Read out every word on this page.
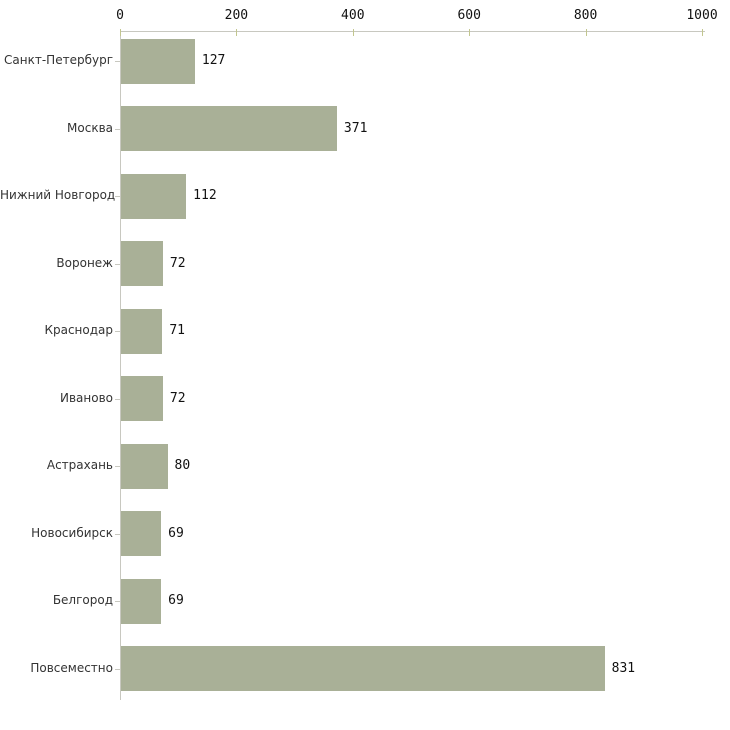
0	200	400	600	800	1000
Санкт-Петербург	127
Москва	371
Нижний Новгород	112
Воронеж	72
Краснодар	71
Иваново	72
Астрахань	80
Новосибирск	69
Белгород	69
Повсеместно	831
